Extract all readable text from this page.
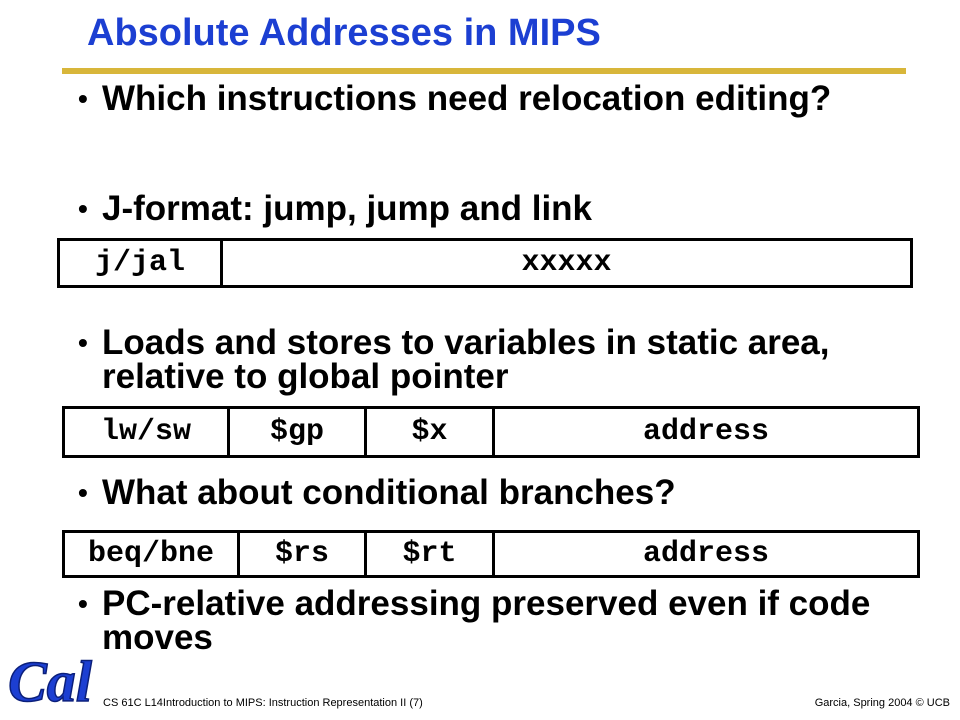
Absolute Addresses in MIPS
• Which instructions need relocation editing?
• J-format: jump, jump and link
j/jal	xxxxx
• Loads and stores to variables in static area, relative to global pointer
lw/sw	$gp	$x	address
• What about conditional branches?
beq/bne	$rs	$rt	address
• PC-relative addressing preserved even if code moves
Cal CS 61C L14Introduction to MIPS: Instruction Representation II (7)	Garcia, Spring 2004 © UCB
